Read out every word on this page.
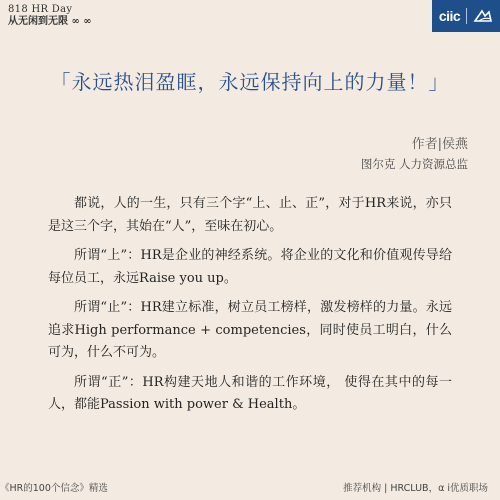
818 HR Day
从无闲到无限 ∞ ∞	ciic
「永远热泪盈眶，永远保持向上的力量！」
作者|侯燕
图尔克 人力资源总监

都说，人的一生，只有三个字“上、止、正”，对于HR来说，亦只是这三个字，其始在“人”，至味在初心。

所谓“上”：HR是企业的神经系统。将企业的文化和价值观传导给每位员工，永远Raise you up。

所谓“止”：HR建立标准，树立员工榜样，激发榜样的力量。永远追求High performance + competencies，同时使员工明白，什么可为，什么不可为。

所谓“正”：HR构建天地人和谐的工作环境， 使得在其中的每一人，都能Passion with power & Health。

《HR的100个信念》精选	推荐机构 | HRCLUB，α i优质职场
